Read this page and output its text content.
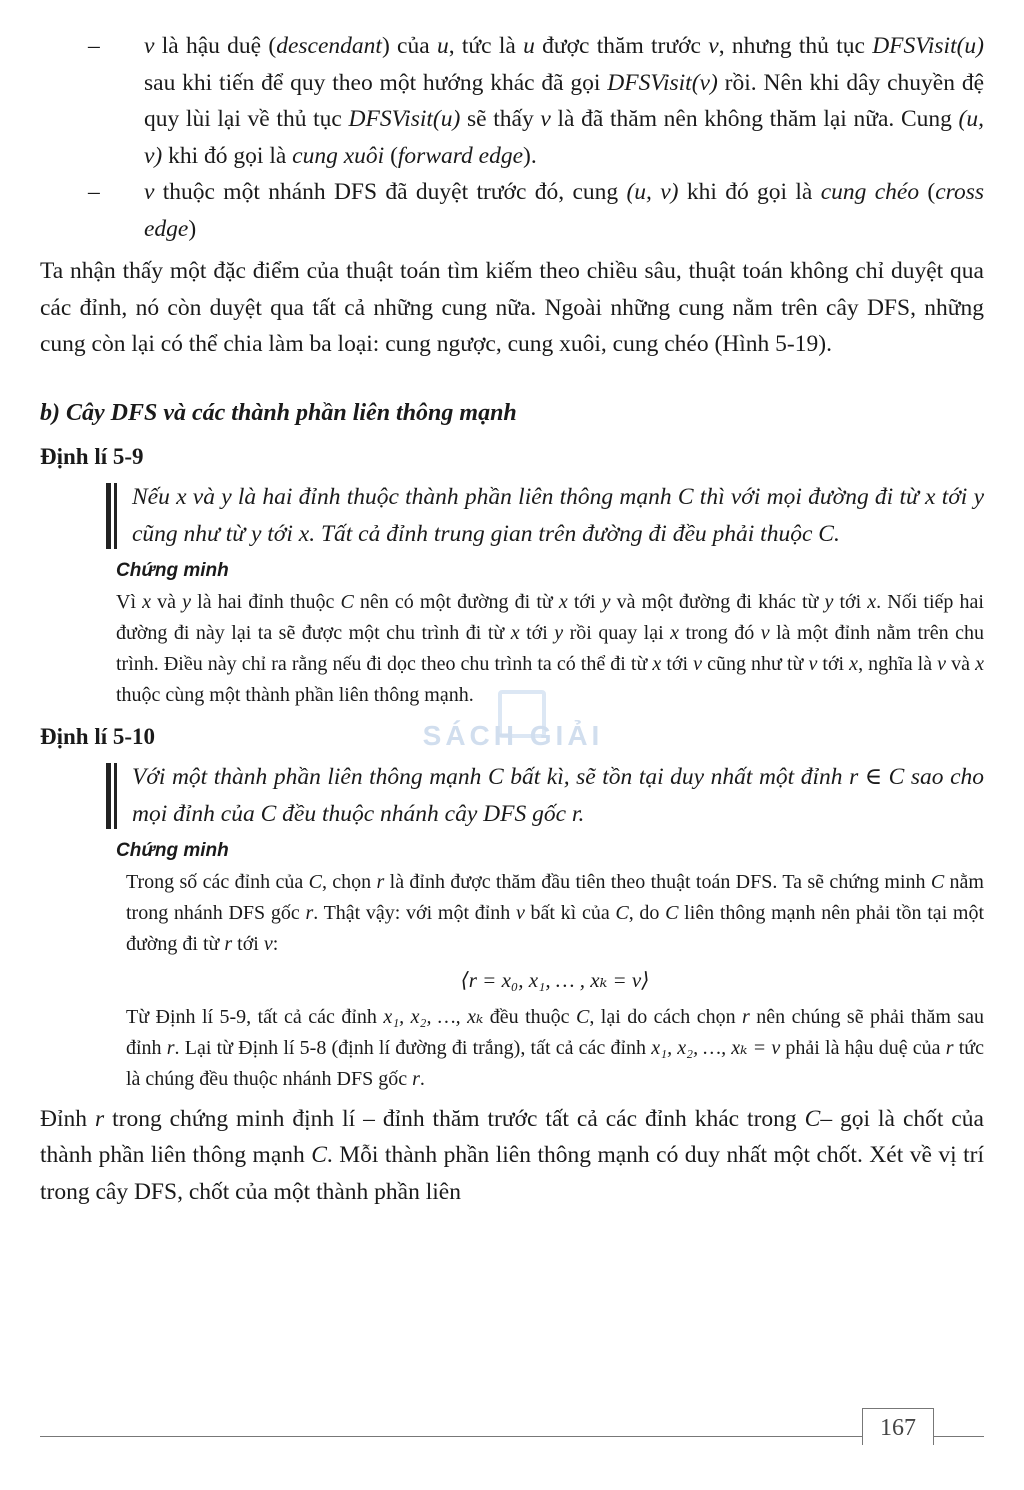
– v là hậu duệ (descendant) của u, tức là u được thăm trước v, nhưng thủ tục DFSVisit(u) sau khi tiến để quy theo một hướng khác đã gọi DFSVisit(v) rồi. Nên khi dây chuyền đệ quy lùi lại về thủ tục DFSVisit(u) sẽ thấy v là đã thăm nên không thăm lại nữa. Cung (u, v) khi đó gọi là cung xuôi (forward edge).
– v thuộc một nhánh DFS đã duyệt trước đó, cung (u, v) khi đó gọi là cung chéo (cross edge)
Ta nhận thấy một đặc điểm của thuật toán tìm kiếm theo chiều sâu, thuật toán không chỉ duyệt qua các đỉnh, nó còn duyệt qua tất cả những cung nữa. Ngoài những cung nằm trên cây DFS, những cung còn lại có thể chia làm ba loại: cung ngược, cung xuôi, cung chéo (Hình 5-19).
b) Cây DFS và các thành phần liên thông mạnh
Định lí 5-9
Nếu x và y là hai đỉnh thuộc thành phần liên thông mạnh C thì với mọi đường đi từ x tới y cũng như từ y tới x. Tất cả đỉnh trung gian trên đường đi đều phải thuộc C.
Chứng minh
Vì x và y là hai đỉnh thuộc C nên có một đường đi từ x tới y và một đường đi khác từ y tới x. Nối tiếp hai đường đi này lại ta sẽ được một chu trình đi từ x tới y rồi quay lại x trong đó v là một đỉnh nằm trên chu trình. Điều này chỉ ra rằng nếu đi dọc theo chu trình ta có thể đi từ x tới v cũng như từ v tới x, nghĩa là v và x thuộc cùng một thành phần liên thông mạnh.
Định lí 5-10
Với một thành phần liên thông mạnh C bất kì, sẽ tồn tại duy nhất một đỉnh r ∈ C sao cho mọi đỉnh của C đều thuộc nhánh cây DFS gốc r.
Chứng minh
Trong số các đỉnh của C, chọn r là đỉnh được thăm đầu tiên theo thuật toán DFS. Ta sẽ chứng minh C nằm trong nhánh DFS gốc r. Thật vậy: với một đỉnh v bất kì của C, do C liên thông mạnh nên phải tồn tại một đường đi từ r tới v:
⟨r = x₀, x₁, … , xₖ = v⟩
Từ Định lí 5-9, tất cả các đỉnh x₁, x₂, …, xₖ đều thuộc C, lại do cách chọn r nên chúng sẽ phải thăm sau đỉnh r. Lại từ Định lí 5-8 (định lí đường đi trắng), tất cả các đỉnh x₁, x₂, …, xₖ = v phải là hậu duệ của r tức là chúng đều thuộc nhánh DFS gốc r.
Đỉnh r trong chứng minh định lí – đỉnh thăm trước tất cả các đỉnh khác trong C– gọi là chốt của thành phần liên thông mạnh C. Mỗi thành phần liên thông mạnh có duy nhất một chốt. Xét về vị trí trong cây DFS, chốt của một thành phần liên
SÁCH GIẢI
167
